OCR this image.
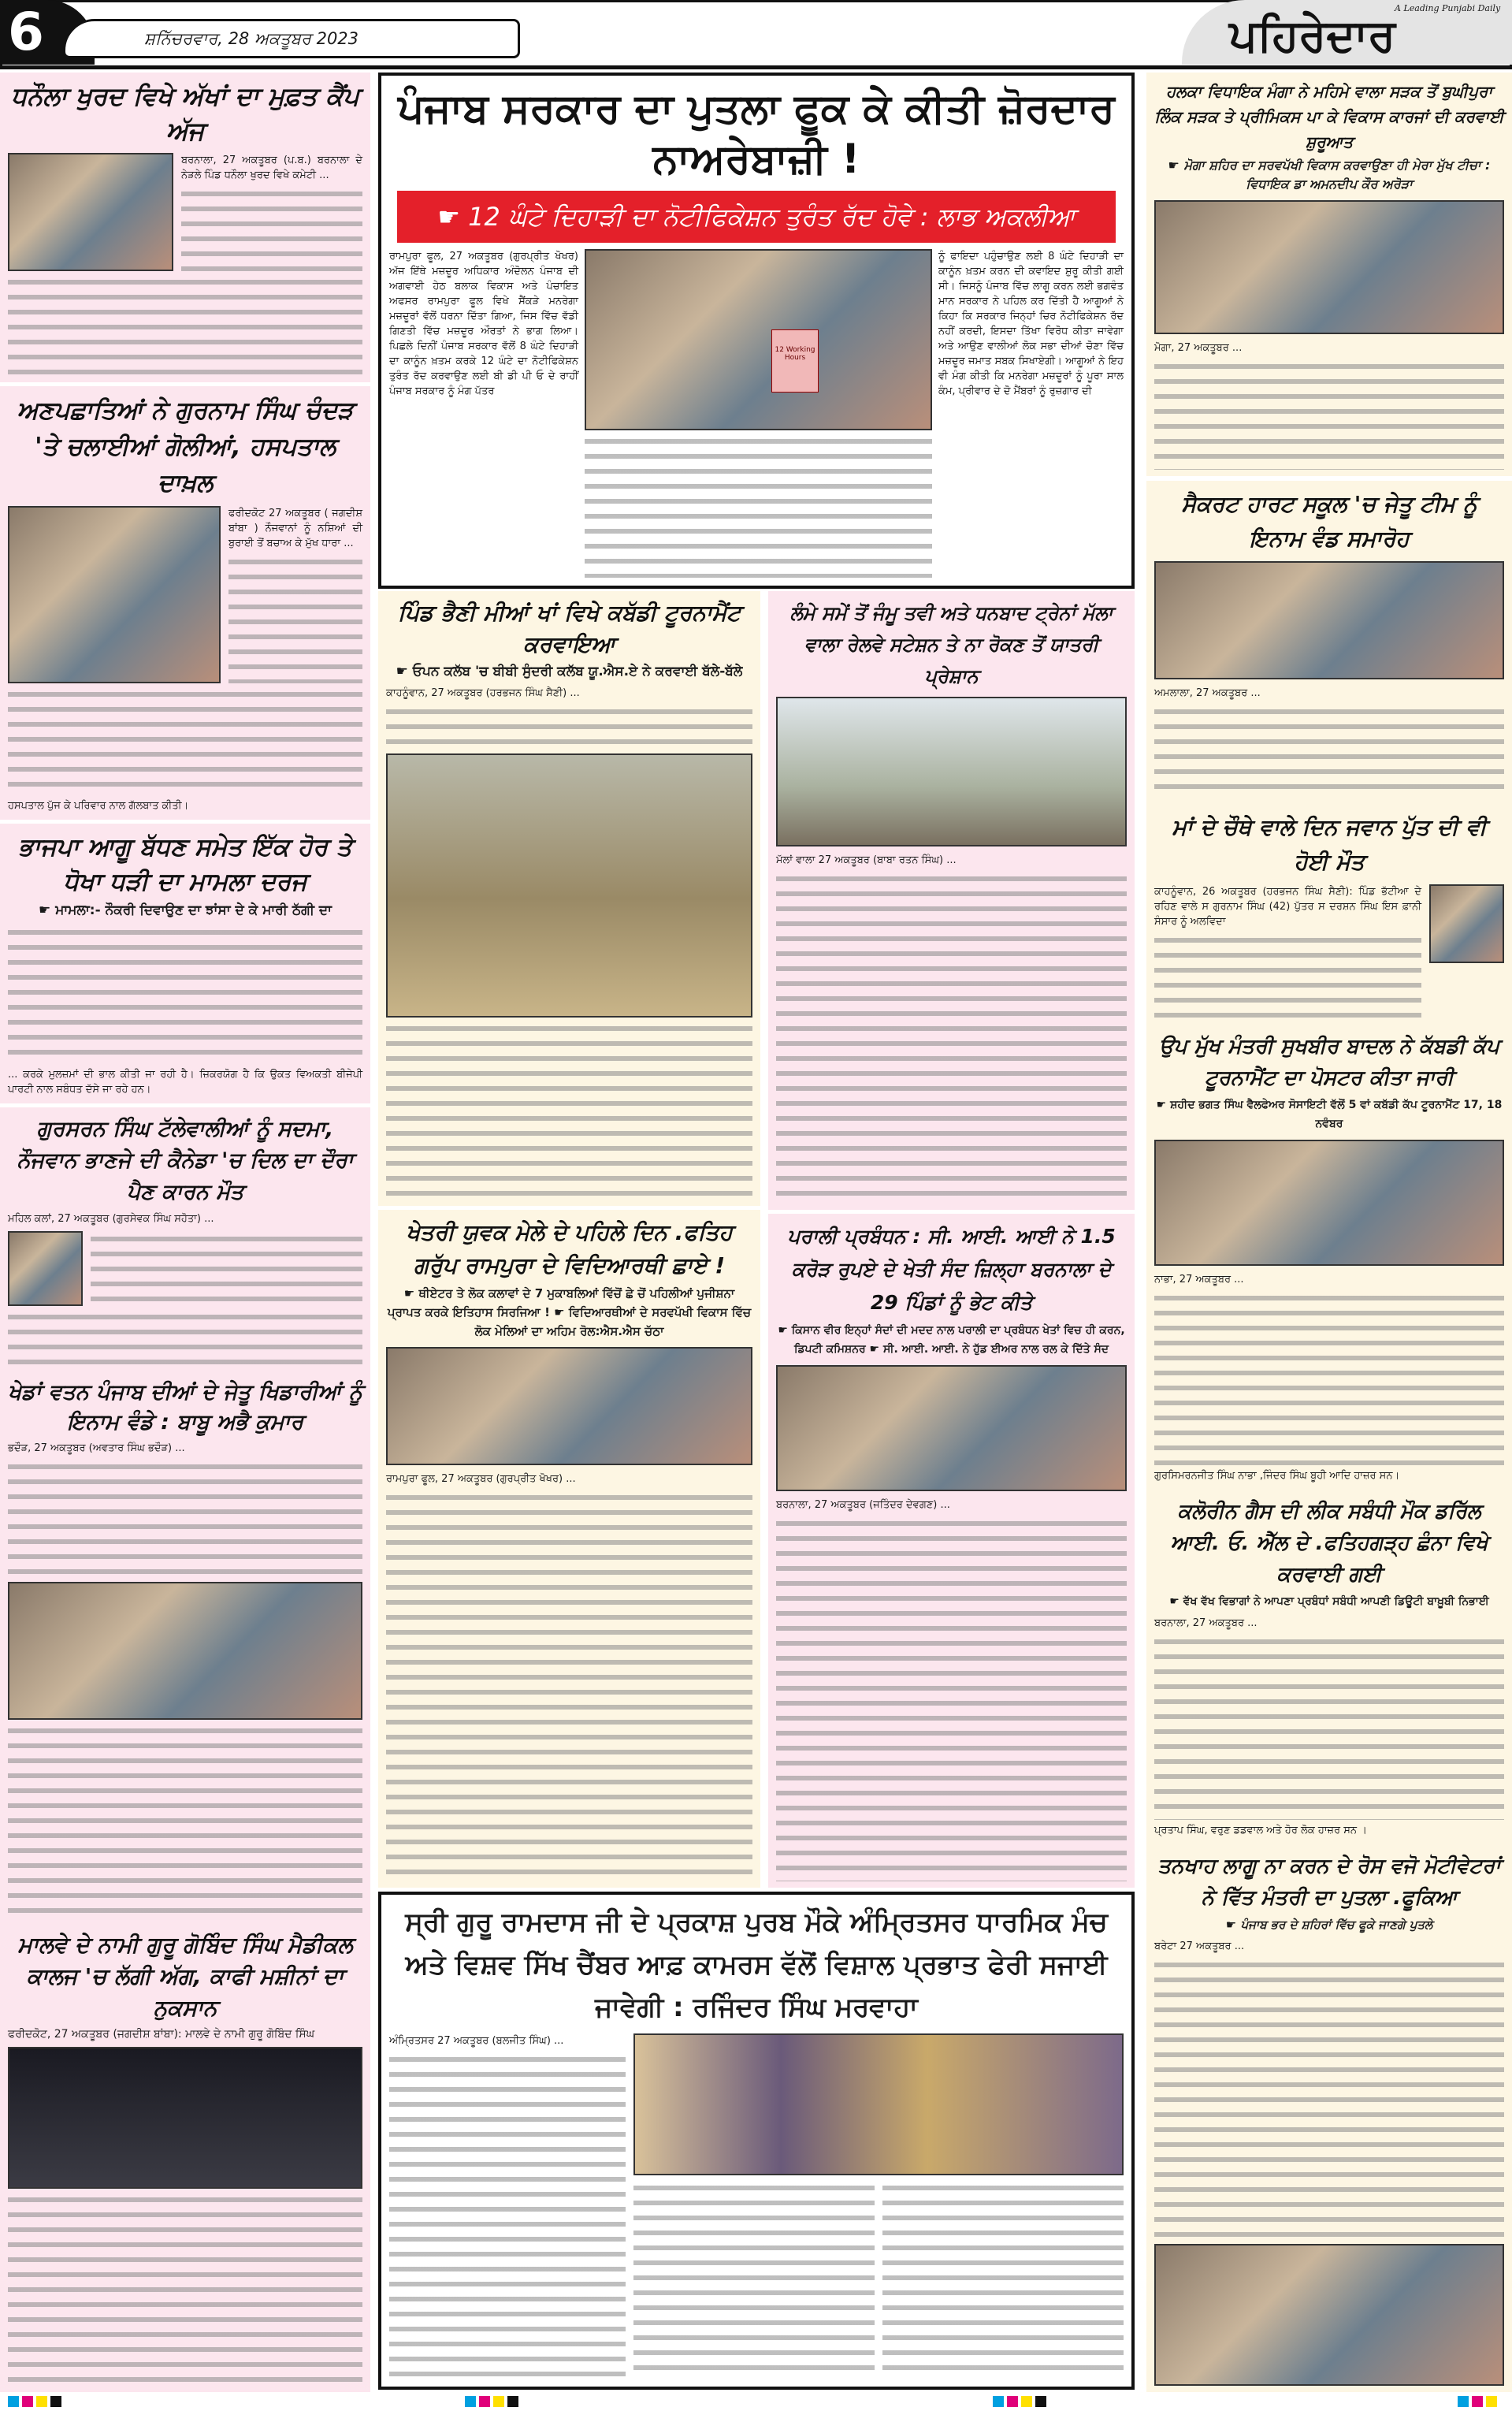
6	ਸ਼ਨਿੱਚਰਵਾਰ, 28 ਅਕਤੂਬਰ 2023	ਪਹਿਰੇਦਾਰ
A Leading Punjabi Daily
ਪੰਜਾਬ ਸਰਕਾਰ ਦਾ ਪੁਤਲਾ ਫੂਕ ਕੇ ਕੀਤੀ ਜ਼ੋਰਦਾਰ ਨਾਅਰੇਬਾਜ਼ੀ !
☛ 12 ਘੰਟੇ ਦਿਹਾੜੀ ਦਾ ਨੋਟੀਫਿਕੇਸ਼ਨ ਤੁਰੰਤ ਰੱਦ ਹੋਵੇ : ਲਾਭ ਅਕਲੀਆ

ਰਾਮਪੁਰਾ ਫੂਲ, 27 ਅਕਤੂਬਰ (ਗੁਰਪ੍ਰੀਤ ਖੋਖਰ) ਅੱਜ ਇੱਥੇ ਮਜ਼ਦੂਰ ਅਧਿਕਾਰ ਅੰਦੋਲਨ ਪੰਜਾਬ ਦੀ ਅਗਵਾਈ ਹੇਠ ਬਲਾਕ ਵਿਕਾਸ ਅਤੇ ਪੰਚਾਇਤ ਅਫਸਰ ਰਾਮਪੁਰਾ ਫੂਲ ਵਿਖੇ ਸੈਂਕੜੇ ਮਨਰੇਗਾ ਮਜ਼ਦੂਰਾਂ ਵੱਲੋਂ ਧਰਨਾ ਦਿੱਤਾ ਗਿਆ, ਜਿਸ ਵਿੱਚ ਵੱਡੀ ਗਿਣਤੀ ਵਿੱਚ ਮਜ਼ਦੂਰ ਔਰਤਾਂ ਨੇ ਭਾਗ ਲਿਆ। ਪਿਛਲੇ ਦਿਨੀਂ ਪੰਜਾਬ ਸਰਕਾਰ ਵੱਲੋਂ 8 ਘੰਟੇ ਦਿਹਾੜੀ ਦਾ ਕਾਨੂੰਨ ਖ਼ਤਮ ਕਰਕੇ 12 ਘੰਟੇ ਦਾ ਨੋਟੀਫਿਕੇਸ਼ਨ ਤੁਰੰਤ ਰੱਦ ਕਰਵਾਉਣ ਲਈ ਬੀ ਡੀ ਪੀ ਓ ਦੇ ਰਾਹੀਂ ਪੰਜਾਬ ਸਰਕਾਰ ਨੂੰ ਮੰਗ ਪੱਤਰ

12 Working Hours

ਨੂੰ ਫਾਇਦਾ ਪਹੁੰਚਾਉਣ ਲਈ 8 ਘੰਟੇ ਦਿਹਾੜੀ ਦਾ ਕਾਨੂੰਨ ਖ਼ਤਮ ਕਰਨ ਦੀ ਕਵਾਇਦ ਸ਼ੁਰੂ ਕੀਤੀ ਗਈ ਸੀ। ਜਿਸਨੂੰ ਪੰਜਾਬ ਵਿੱਚ ਲਾਗੂ ਕਰਨ ਲਈ ਭਗਵੰਤ ਮਾਨ ਸਰਕਾਰ ਨੇ ਪਹਿਲ ਕਰ ਦਿੱਤੀ ਹੈ ਆਗੂਆਂ ਨੇ ਕਿਹਾ ਕਿ ਸਰਕਾਰ ਜਿਨ੍ਹਾਂ ਚਿਰ ਨੋਟੀਫਿਕੇਸ਼ਨ ਰੱਦ ਨਹੀਂ ਕਰਦੀ, ਇਸਦਾ ਤਿੱਖਾ ਵਿਰੋਧ ਕੀਤਾ ਜਾਵੇਗਾ ਅਤੇ ਆਉਣ ਵਾਲੀਆਂ ਲੋਕ ਸਭਾ ਦੀਆਂ ਚੋਣਾ ਵਿੱਚ ਮਜ਼ਦੂਰ ਜਮਾਤ ਸਬਕ ਸਿਖਾਏਗੀ। ਆਗੂਆਂ ਨੇ ਇਹ ਵੀ ਮੰਗ ਕੀਤੀ ਕਿ ਮਨਰੇਗਾ ਮਜ਼ਦੂਰਾਂ ਨੂੰ ਪੂਰਾ ਸਾਲ ਕੰਮ, ਪ੍ਰੀਵਾਰ ਦੇ ਦੋ ਮੈਂਬਰਾਂ ਨੂੰ ਰੁਜ਼ਗਾਰ ਦੀ

ਧਨੌਲਾ ਖੁਰਦ ਵਿਖੇ ਅੱਖਾਂ ਦਾ ਮੁਫ਼ਤ ਕੈਂਪ ਅੱਜ

ਬਰਨਾਲਾ, 27 ਅਕਤੂਬਰ (ਪ.ਬ.) ਬਰਨਾਲਾ ਦੇ ਨੇੜਲੇ ਪਿੰਡ ਧਨੌਲਾ ਖੁਰਦ ਵਿਖੇ ਕਮੇਟੀ ...

ਅਣਪਛਾਤਿਆਂ ਨੇ ਗੁਰਨਾਮ ਸਿੰਘ ਚੰਦੜ 'ਤੇ ਚਲਾਈਆਂ ਗੋਲੀਆਂ, ਹਸਪਤਾਲ ਦਾਖ਼ਲ

ਫਰੀਦਕੋਟ 27 ਅਕਤੂਬਰ ( ਜਗਦੀਸ਼ ਬਾਂਬਾ ) ਨੌਜਵਾਨਾਂ ਨੂੰ ਨਸ਼ਿਆਂ ਦੀ ਬੁਰਾਈ ਤੋਂ ਬਚਾਅ ਕੇ ਮੁੱਖ ਧਾਰਾ ...

ਹਸਪਤਾਲ ਪੁੱਜ ਕੇ ਪਰਿਵਾਰ ਨਾਲ ਗੱਲਬਾਤ ਕੀਤੀ।

ਭਾਜਪਾ ਆਗੂ ਬੱਧਣ ਸਮੇਤ ਇੱਕ ਹੋਰ ਤੇ ਧੋਖਾ ਧੜੀ ਦਾ ਮਾਮਲਾ ਦਰਜ
☛ ਮਾਮਲਾ:- ਨੌਕਰੀ ਦਿਵਾਉਣ ਦਾ ਝਾਂਸਾ ਦੇ ਕੇ ਮਾਰੀ ਠੱਗੀ ਦਾ

... ਕਰਕੇ ਮੁਲਜ਼ਮਾਂ ਦੀ ਭਾਲ ਕੀਤੀ ਜਾ ਰਹੀ ਹੈ। ਜ਼ਿਕਰਯੋਗ ਹੈ ਕਿ ਉਕਤ ਵਿਅਕਤੀ ਬੀਜੇਪੀ ਪਾਰਟੀ ਨਾਲ ਸਬੰਧਤ ਦੱਸੇ ਜਾ ਰਹੇ ਹਨ।

ਗੁਰਸਰਨ ਸਿੰਘ ਟੱਲੇਵਾਲੀਆਂ ਨੂੰ ਸਦਮਾ, ਨੌਜਵਾਨ ਭਾਣਜੇ ਦੀ ਕੈਨੇਡਾ 'ਚ ਦਿਲ ਦਾ ਦੌਰਾ ਪੈਣ ਕਾਰਨ ਮੌਤ

ਮਹਿਲ ਕਲਾਂ, 27 ਅਕਤੂਬਰ (ਗੁਰਸੇਵਕ ਸਿੰਘ ਸਹੋਤਾ) ...

ਖੇਡਾਂ ਵਤਨ ਪੰਜਾਬ ਦੀਆਂ ਦੇ ਜੇਤੂ ਖਿਡਾਰੀਆਂ ਨੂੰ ਇਨਾਮ ਵੰਡੇ : ਬਾਬੂ ਅਭੈ ਕੁਮਾਰ

ਭਦੌੜ, 27 ਅਕਤੂਬਰ (ਅਵਤਾਰ ਸਿੰਘ ਭਦੌੜ) ...

ਮਾਲਵੇ ਦੇ ਨਾਮੀ ਗੁਰੂ ਗੋਬਿੰਦ ਸਿੰਘ ਮੈਡੀਕਲ ਕਾਲਜ 'ਚ ਲੱਗੀ ਅੱਗ, ਕਾਫੀ ਮਸ਼ੀਨਾਂ ਦਾ ਨੁਕਸਾਨ

ਫਰੀਦਕੋਟ, 27 ਅਕਤੂਬਰ (ਜਗਦੀਸ਼ ਬਾਂਬਾ): ਮਾਲਵੇ ਦੇ ਨਾਮੀ ਗੁਰੂ ਗੋਬਿੰਦ ਸਿੰਘ

ਪਿੰਡ ਭੈਣੀ ਮੀਆਂ ਖਾਂ ਵਿਖੇ ਕਬੱਡੀ ਟੂਰਨਾਮੈਂਟ ਕਰਵਾਇਆ
☛ ਓਪਨ ਕਲੱਬ 'ਚ ਬੀਬੀ ਸੁੰਦਰੀ ਕਲੱਬ ਯੂ.ਐਸ.ਏ ਨੇ ਕਰਵਾਈ ਬੱਲੇ-ਬੱਲੇ

ਕਾਹਨੂੰਵਾਨ, 27 ਅਕਤੂਬਰ (ਹਰਭਜਨ ਸਿੰਘ ਸੈਣੀ) ...

ਖੇਤਰੀ ਯੁਵਕ ਮੇਲੇ ਦੇ ਪਹਿਲੇ ਦਿਨ .ਫਤਿਹ ਗਰੁੱਪ ਰਾਮਪੁਰਾ ਦੇ ਵਿਦਿਆਰਥੀ ਛਾਏ !
☛ ਥੀਏਟਰ ਤੇ ਲੋਕ ਕਲਾਵਾਂ ਦੇ 7 ਮੁਕਾਬਲਿਆਂ ਵਿੱਚੋਂ ਛੇ ਚੋਂ ਪਹਿਲੀਆਂ ਪੁਜੀਸ਼ਨਾ ਪ੍ਰਾਪਤ ਕਰਕੇ ਇਤਿਹਾਸ ਸਿਰਜਿਆ ! ☛ ਵਿਦਿਆਰਥੀਆਂ ਦੇ ਸਰਵਪੱਖੀ ਵਿਕਾਸ ਵਿੱਚ ਲੋਕ ਮੇਲਿਆਂ ਦਾ ਅਹਿਮ ਰੋਲ:ਐਸ.ਐਸ ਚੱਠਾ

ਰਾਮਪੁਰਾ ਫੂਲ, 27 ਅਕਤੂਬਰ (ਗੁਰਪ੍ਰੀਤ ਖੋਖਰ) ...

ਲੰਮੇ ਸਮੇਂ ਤੋਂ ਜੰਮੂ ਤਵੀ ਅਤੇ ਧਨਬਾਦ ਟ੍ਰੇਨਾਂ ਮੱਲਾ ਵਾਲਾ ਰੇਲਵੇ ਸਟੇਸ਼ਨ ਤੇ ਨਾ ਰੋਕਣ ਤੋਂ ਯਾਤਰੀ ਪ੍ਰੇਸ਼ਾਨ

ਮੱਲਾਂ ਵਾਲਾ 27 ਅਕਤੂਬਰ (ਬਾਬਾ ਰਤਨ ਸਿੰਘ) ...

ਪਰਾਲੀ ਪ੍ਰਬੰਧਨ : ਸੀ. ਆਈ. ਆਈ ਨੇ 1.5 ਕਰੋੜ ਰੁਪਏ ਦੇ ਖੇਤੀ ਸੰਦ ਜ਼ਿਲ੍ਹਾ ਬਰਨਾਲਾ ਦੇ 29 ਪਿੰਡਾਂ ਨੂੰ ਭੇਟ ਕੀਤੇ
☛ ਕਿਸਾਨ ਵੀਰ ਇਨ੍ਹਾਂ ਸੰਦਾਂ ਦੀ ਮਦਦ ਨਾਲ ਪਰਾਲੀ ਦਾ ਪ੍ਰਬੰਧਨ ਖੇਤਾਂ ਵਿਚ ਹੀ ਕਰਨ, ਡਿਪਟੀ ਕਮਿਸ਼ਨਰ ☛ ਸੀ. ਆਈ. ਆਈ. ਨੇ ਹੁੱਡ ਈਅਰ ਨਾਲ ਰਲ ਕੇ ਦਿੱਤੇ ਸੰਦ

ਬਰਨਾਲਾ, 27 ਅਕਤੂਬਰ (ਜਤਿੰਦਰ ਦੇਵਗਣ) ...

ਸ੍ਰੀ ਗੁਰੂ ਰਾਮਦਾਸ ਜੀ ਦੇ ਪ੍ਰਕਾਸ਼ ਪੁਰਬ ਮੌਕੇ ਅੰਮ੍ਰਿਤਸਰ ਧਾਰਮਿਕ ਮੰਚ ਅਤੇ ਵਿਸ਼ਵ ਸਿੱਖ ਚੈਂਬਰ ਆਫ਼ ਕਾਮਰਸ ਵੱਲੋਂ ਵਿਸ਼ਾਲ ਪ੍ਰਭਾਤ ਫੇਰੀ ਸਜਾਈ ਜਾਵੇਗੀ : ਰਜਿੰਦਰ ਸਿੰਘ ਮਰਵਾਹਾ

ਅੰਮ੍ਰਿਤਸਰ 27 ਅਕਤੂਬਰ (ਬਲਜੀਤ ਸਿੰਘ) ...

ਹਲਕਾ ਵਿਧਾਇਕ ਮੰਗਾ ਨੇ ਮਹਿਮੇ ਵਾਲਾ ਸੜਕ ਤੋਂ ਬੁਘੀਪੁਰਾ ਲਿੰਕ ਸੜਕ ਤੇ ਪ੍ਰੀਮਿਕਸ ਪਾ ਕੇ ਵਿਕਾਸ ਕਾਰਜਾਂ ਦੀ ਕਰਵਾਈ ਸ਼ੁਰੂਆਤ
☛ ਮੋਗਾ ਸ਼ਹਿਰ ਦਾ ਸਰਵਪੱਖੀ ਵਿਕਾਸ ਕਰਵਾਉਣਾ ਹੀ ਮੇਰਾ ਮੁੱਖ ਟੀਚਾ : ਵਿਧਾਇਕ ਡਾ ਅਮਨਦੀਪ ਕੌਰ ਅਰੋੜਾ

ਮੋਗਾ, 27 ਅਕਤੂਬਰ ...

ਸੈਕਰਟ ਹਾਰਟ ਸਕੂਲ 'ਚ ਜੇਤੂ ਟੀਮ ਨੂੰ ਇਨਾਮ ਵੰਡ ਸਮਾਰੋਹ

ਅਮਲਾਲਾ, 27 ਅਕਤੂਬਰ ...

ਮਾਂ ਦੇ ਚੌਥੇ ਵਾਲੇ ਦਿਨ ਜਵਾਨ ਪੁੱਤ ਦੀ ਵੀ ਹੋਈ ਮੌਤ

ਕਾਹਨੂੰਵਾਨ, 26 ਅਕਤੂਬਰ (ਹਰਭਜਨ ਸਿੰਘ ਸੈਣੀ): ਪਿੰਡ ਭੱਟੀਆ ਦੇ ਰਹਿਣ ਵਾਲੇ ਸ ਗੁਰਨਾਮ ਸਿੰਘ (42) ਪੁੱਤਰ ਸ ਦਰਸ਼ਨ ਸਿੰਘ ਇਸ ਫ਼ਾਨੀ ਸੰਸਾਰ ਨੂੰ ਅਲਵਿਦਾ

ਉਪ ਮੁੱਖ ਮੰਤਰੀ ਸੁਖਬੀਰ ਬਾਦਲ ਨੇ ਕੱਬਡੀ ਕੱਪ ਟੂਰਨਾਮੈਂਟ ਦਾ ਪੋਸਟਰ ਕੀਤਾ ਜਾਰੀ
☛ ਸ਼ਹੀਦ ਭਗਤ ਸਿੰਘ ਵੈਲਫੇਅਰ ਸੋਸਾਇਟੀ ਵੱਲੋਂ 5 ਵਾਂ ਕਬੱਡੀ ਕੱਪ ਟੂਰਨਾਮੈਂਟ 17, 18 ਨਵੰਬਰ

ਨਾਭਾ, 27 ਅਕਤੂਬਰ ...

ਗੁਰਸਿਮਰਨਜੀਤ ਸਿੰਘ ਨਾਭਾ ,ਜਿੰਦਰ ਸਿੰਘ ਬੂਹੀ ਆਦਿ ਹਾਜ਼ਰ ਸਨ।

ਕਲੋਰੀਨ ਗੈਸ ਦੀ ਲੀਕ ਸਬੰਧੀ ਮੌਕ ਡਰਿੱਲ ਆਈ. ਓ. ਐੱਲ ਦੇ .ਫਤਿਹਗੜ੍ਹ ਛੰਨਾ ਵਿਖੇ ਕਰਵਾਈ ਗਈ
☛ ਵੱਖ ਵੱਖ ਵਿਭਾਗਾਂ ਨੇ ਆਪਣਾ ਪ੍ਰਬੰਧਾਂ ਸਬੰਧੀ ਆਪਣੀ ਡਿਊਟੀ ਬਾਖ਼ੂਬੀ ਨਿਭਾਈ

ਬਰਨਾਲਾ, 27 ਅਕਤੂਬਰ ...

ਪ੍ਰਤਾਪ ਸਿੰਘ, ਵਰੁਣ ਡਡਵਾਲ ਅਤੇ ਹੋਰ ਲੋਕ ਹਾਜ਼ਰ ਸਨ ।

ਤਨਖਾਹ ਲਾਗੂ ਨਾ ਕਰਨ ਦੇ ਰੋਸ ਵਜੋ ਮੋਟੀਵੇਟਰਾਂ ਨੇ ਵਿੱਤ ਮੰਤਰੀ ਦਾ ਪੁਤਲਾ .ਫੂਕਿਆ
☛ ਪੰਜਾਬ ਭਰ ਦੇ ਸ਼ਹਿਰਾਂ ਵਿੱਚ ਫੂਕੇ ਜਾਣਗੇ ਪੁਤਲੇ

ਬਰੇਟਾ 27 ਅਕਤੂਬਰ ...
